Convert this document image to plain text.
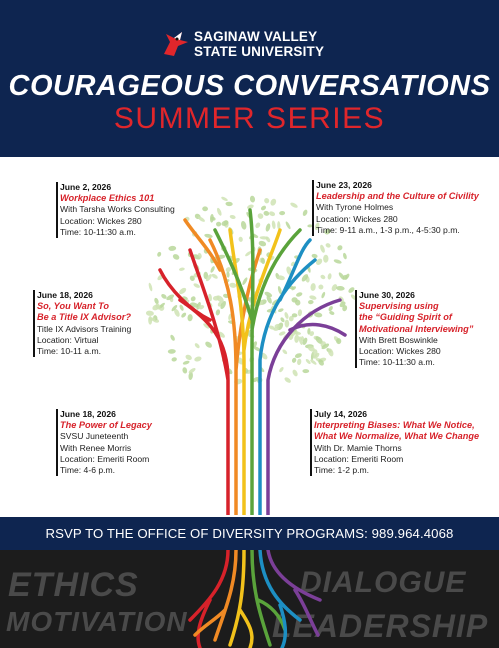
SAGINAW VALLEY
STATE UNIVERSITY
COURAGEOUS CONVERSATIONS
SUMMER SERIES
June 2, 2026
Workplace Ethics 101
With Tarsha Works Consulting
Location: Wickes 280
Time: 10-11:30 a.m.
June 18, 2026
So, You Want To
Be a Title IX Advisor?
Title IX Advisors Training
Location: Virtual
Time: 10-11 a.m.
June 18, 2026
The Power of Legacy
SVSU Juneteenth
With Renee Morris
Location: Emeriti Room
Time: 4-6 p.m.
June 23, 2026
Leadership and the Culture of Civility
With Tyrone Holmes
Location: Wickes 280
Time: 9-11 a.m., 1-3 p.m., 4-5:30 p.m.
June 30, 2026
Supervising using
the “Guiding Spirit of
Motivational Interviewing”
With Brett Boswinkle
Location: Wickes 280
Time: 10-11:30 a.m.
July 14, 2026
Interpreting Biases: What We Notice,
What We Normalize, What We Change
With Dr. Mamie Thorns
Location: Emeriti Room
Time: 1-2 p.m.
RSVP TO THE OFFICE OF DIVERSITY PROGRAMS: 989.964.4068
ETHICS	DIALOGUE
MOTIVATION	LEADERSHIP
